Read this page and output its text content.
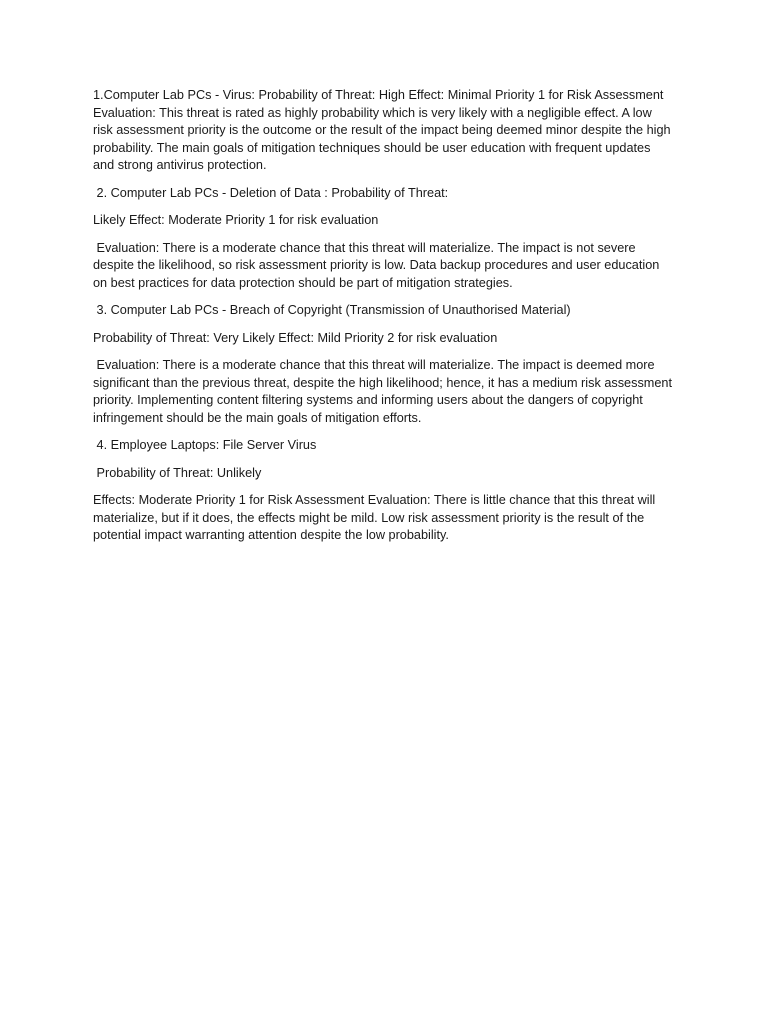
1.Computer Lab PCs - Virus: Probability of Threat: High Effect: Minimal Priority 1 for Risk Assessment Evaluation: This threat is rated as highly probability which is very likely with a negligible effect. A low risk assessment priority is the outcome or the result of the impact being deemed minor despite the high probability. The main goals of mitigation techniques should be user education with frequent updates and strong antivirus protection.

2. Computer Lab PCs - Deletion of Data : Probability of Threat:

Likely Effect: Moderate Priority 1 for risk evaluation

Evaluation: There is a moderate chance that this threat will materialize. The impact is not severe despite the likelihood, so risk assessment priority is low. Data backup procedures and user education on best practices for data protection should be part of mitigation strategies.

3. Computer Lab PCs - Breach of Copyright (Transmission of Unauthorised Material)

Probability of Threat: Very Likely Effect: Mild Priority 2 for risk evaluation

Evaluation: There is a moderate chance that this threat will materialize. The impact is deemed more significant than the previous threat, despite the high likelihood; hence, it has a medium risk assessment priority. Implementing content filtering systems and informing users about the dangers of copyright infringement should be the main goals of mitigation efforts.

4. Employee Laptops: File Server Virus

Probability of Threat: Unlikely

Effects: Moderate Priority 1 for Risk Assessment Evaluation: There is little chance that this threat will materialize, but if it does, the effects might be mild. Low risk assessment priority is the result of the potential impact warranting attention despite the low probability.
